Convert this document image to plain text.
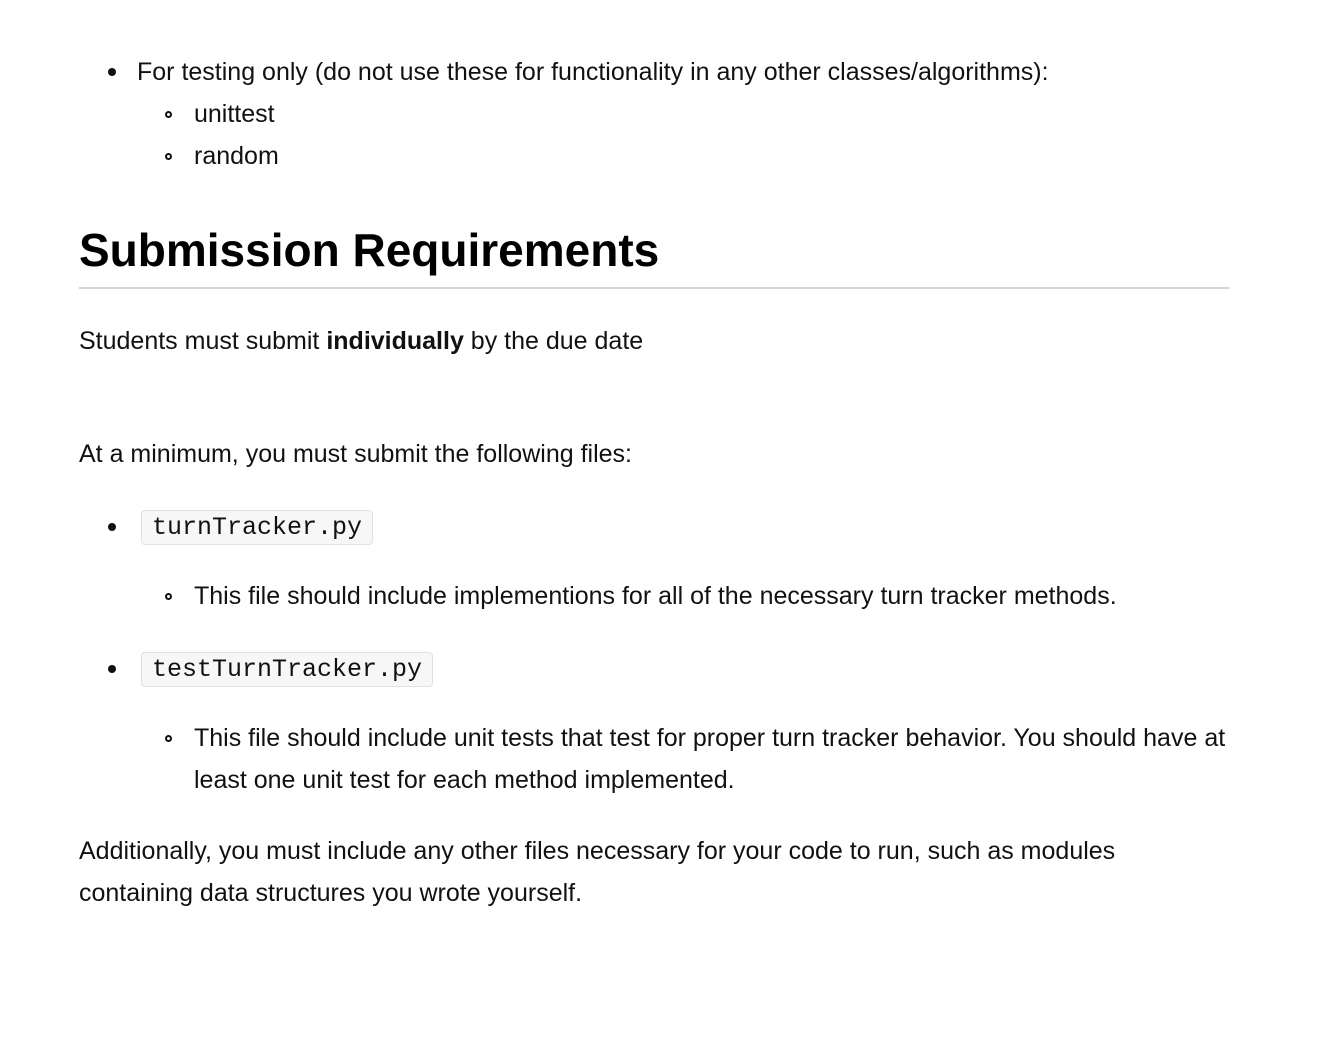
For testing only (do not use these for functionality in any other classes/algorithms):
unittest
random
Submission Requirements

Students must submit individually by the due date

At a minimum, you must submit the following files:

turnTracker.py
This file should include implementions for all of the necessary turn tracker methods.
testTurnTracker.py
This file should include unit tests that test for proper turn tracker behavior. You should have at least one unit test for each method implemented.

Additionally, you must include any other files necessary for your code to run, such as modules containing data structures you wrote yourself.
